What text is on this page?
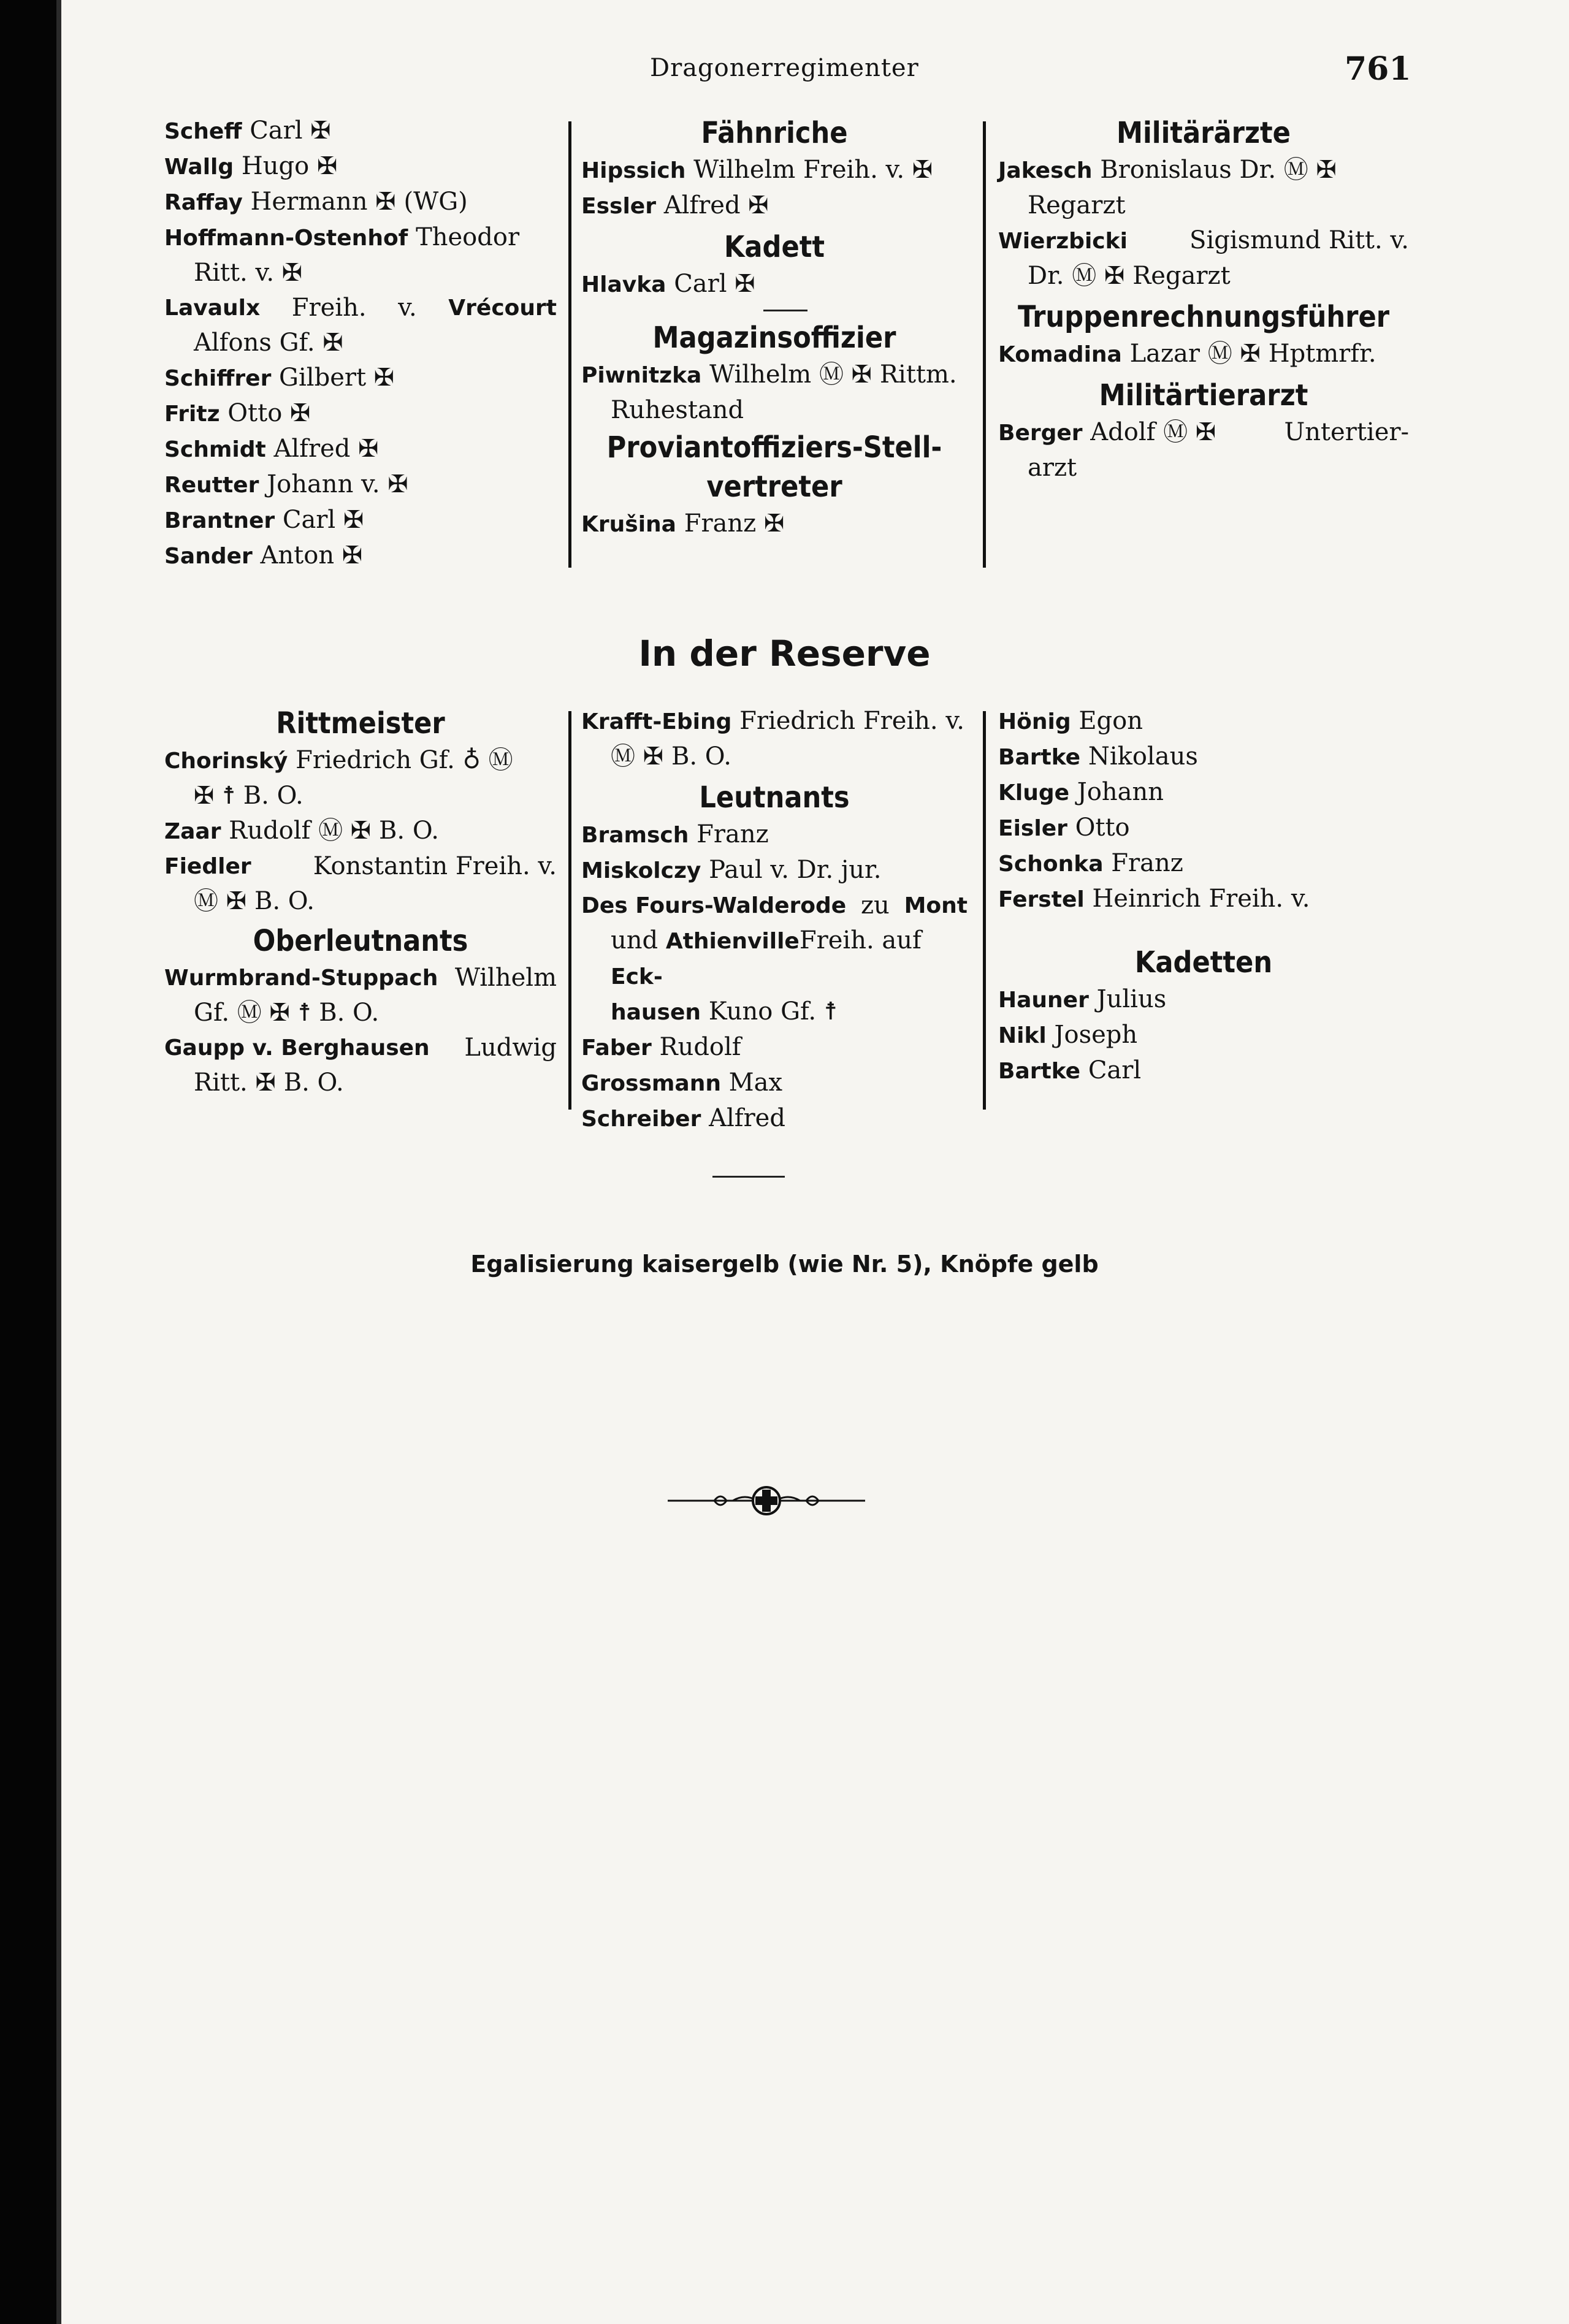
Dragonerregimenter	761
Scheff Carl ✠
Wallg Hugo ✠
Raffay Hermann ✠ (WG)
Hoffmann-Ostenhof Theodor
Ritt. v. ✠
Lavaulx Freih. v. Vrécourt
Alfons Gf. ✠
Schiffrer Gilbert ✠
Fritz Otto ✠
Schmidt Alfred ✠
Reutter Johann v. ✠
Brantner Carl ✠
Sander Anton ✠
Fähnriche
Hipssich Wilhelm Freih. v. ✠
Essler Alfred ✠
Kadett
Hlavka Carl ✠
Magazinsoffizier
Piwnitzka Wilhelm Ⓜ ✠ Rittm.
Ruhestand
Proviantoffiziers-Stell-
vertreter
Krušina Franz ✠
Militärärzte
Jakesch Bronislaus Dr. Ⓜ ✠
Regarzt
Wierzbicki	Sigismund Ritt. v.
Dr. Ⓜ ✠ Regarzt
Truppenrechnungsführer
Komadina Lazar Ⓜ ✠ Hptmrfr.
Militärtierarzt
Berger Adolf Ⓜ ✠	Untertier-
arzt
In der Reserve
Rittmeister
Chorinský Friedrich Gf. ♁ Ⓜ
✠ ☨ B. O.
Zaar Rudolf Ⓜ ✠ B. O.
Fiedler	Konstantin Freih. v.
Ⓜ ✠ B. O.
Oberleutnants
Wurmbrand-Stuppach Wilhelm
Gf. Ⓜ ✠ ☨ B. O.
Gaupp v. Berghausen Ludwig
Ritt. ✠ B. O.
Krafft-Ebing Friedrich Freih. v.
Ⓜ ✠ B. O.
Leutnants
Bramsch Franz
Miskolczy Paul v. Dr. jur.
Des Fours-Walderode zu Mont
und AthienvilleFreih. auf Eck-
hausen Kuno Gf. ☨
Faber Rudolf
Grossmann Max
Schreiber Alfred
Hönig Egon
Bartke Nikolaus
Kluge Johann
Eisler Otto
Schonka Franz
Ferstel Heinrich Freih. v.
Kadetten
Hauner Julius
Nikl Joseph
Bartke Carl
Egalisierung kaisergelb (wie Nr. 5), Knöpfe gelb
